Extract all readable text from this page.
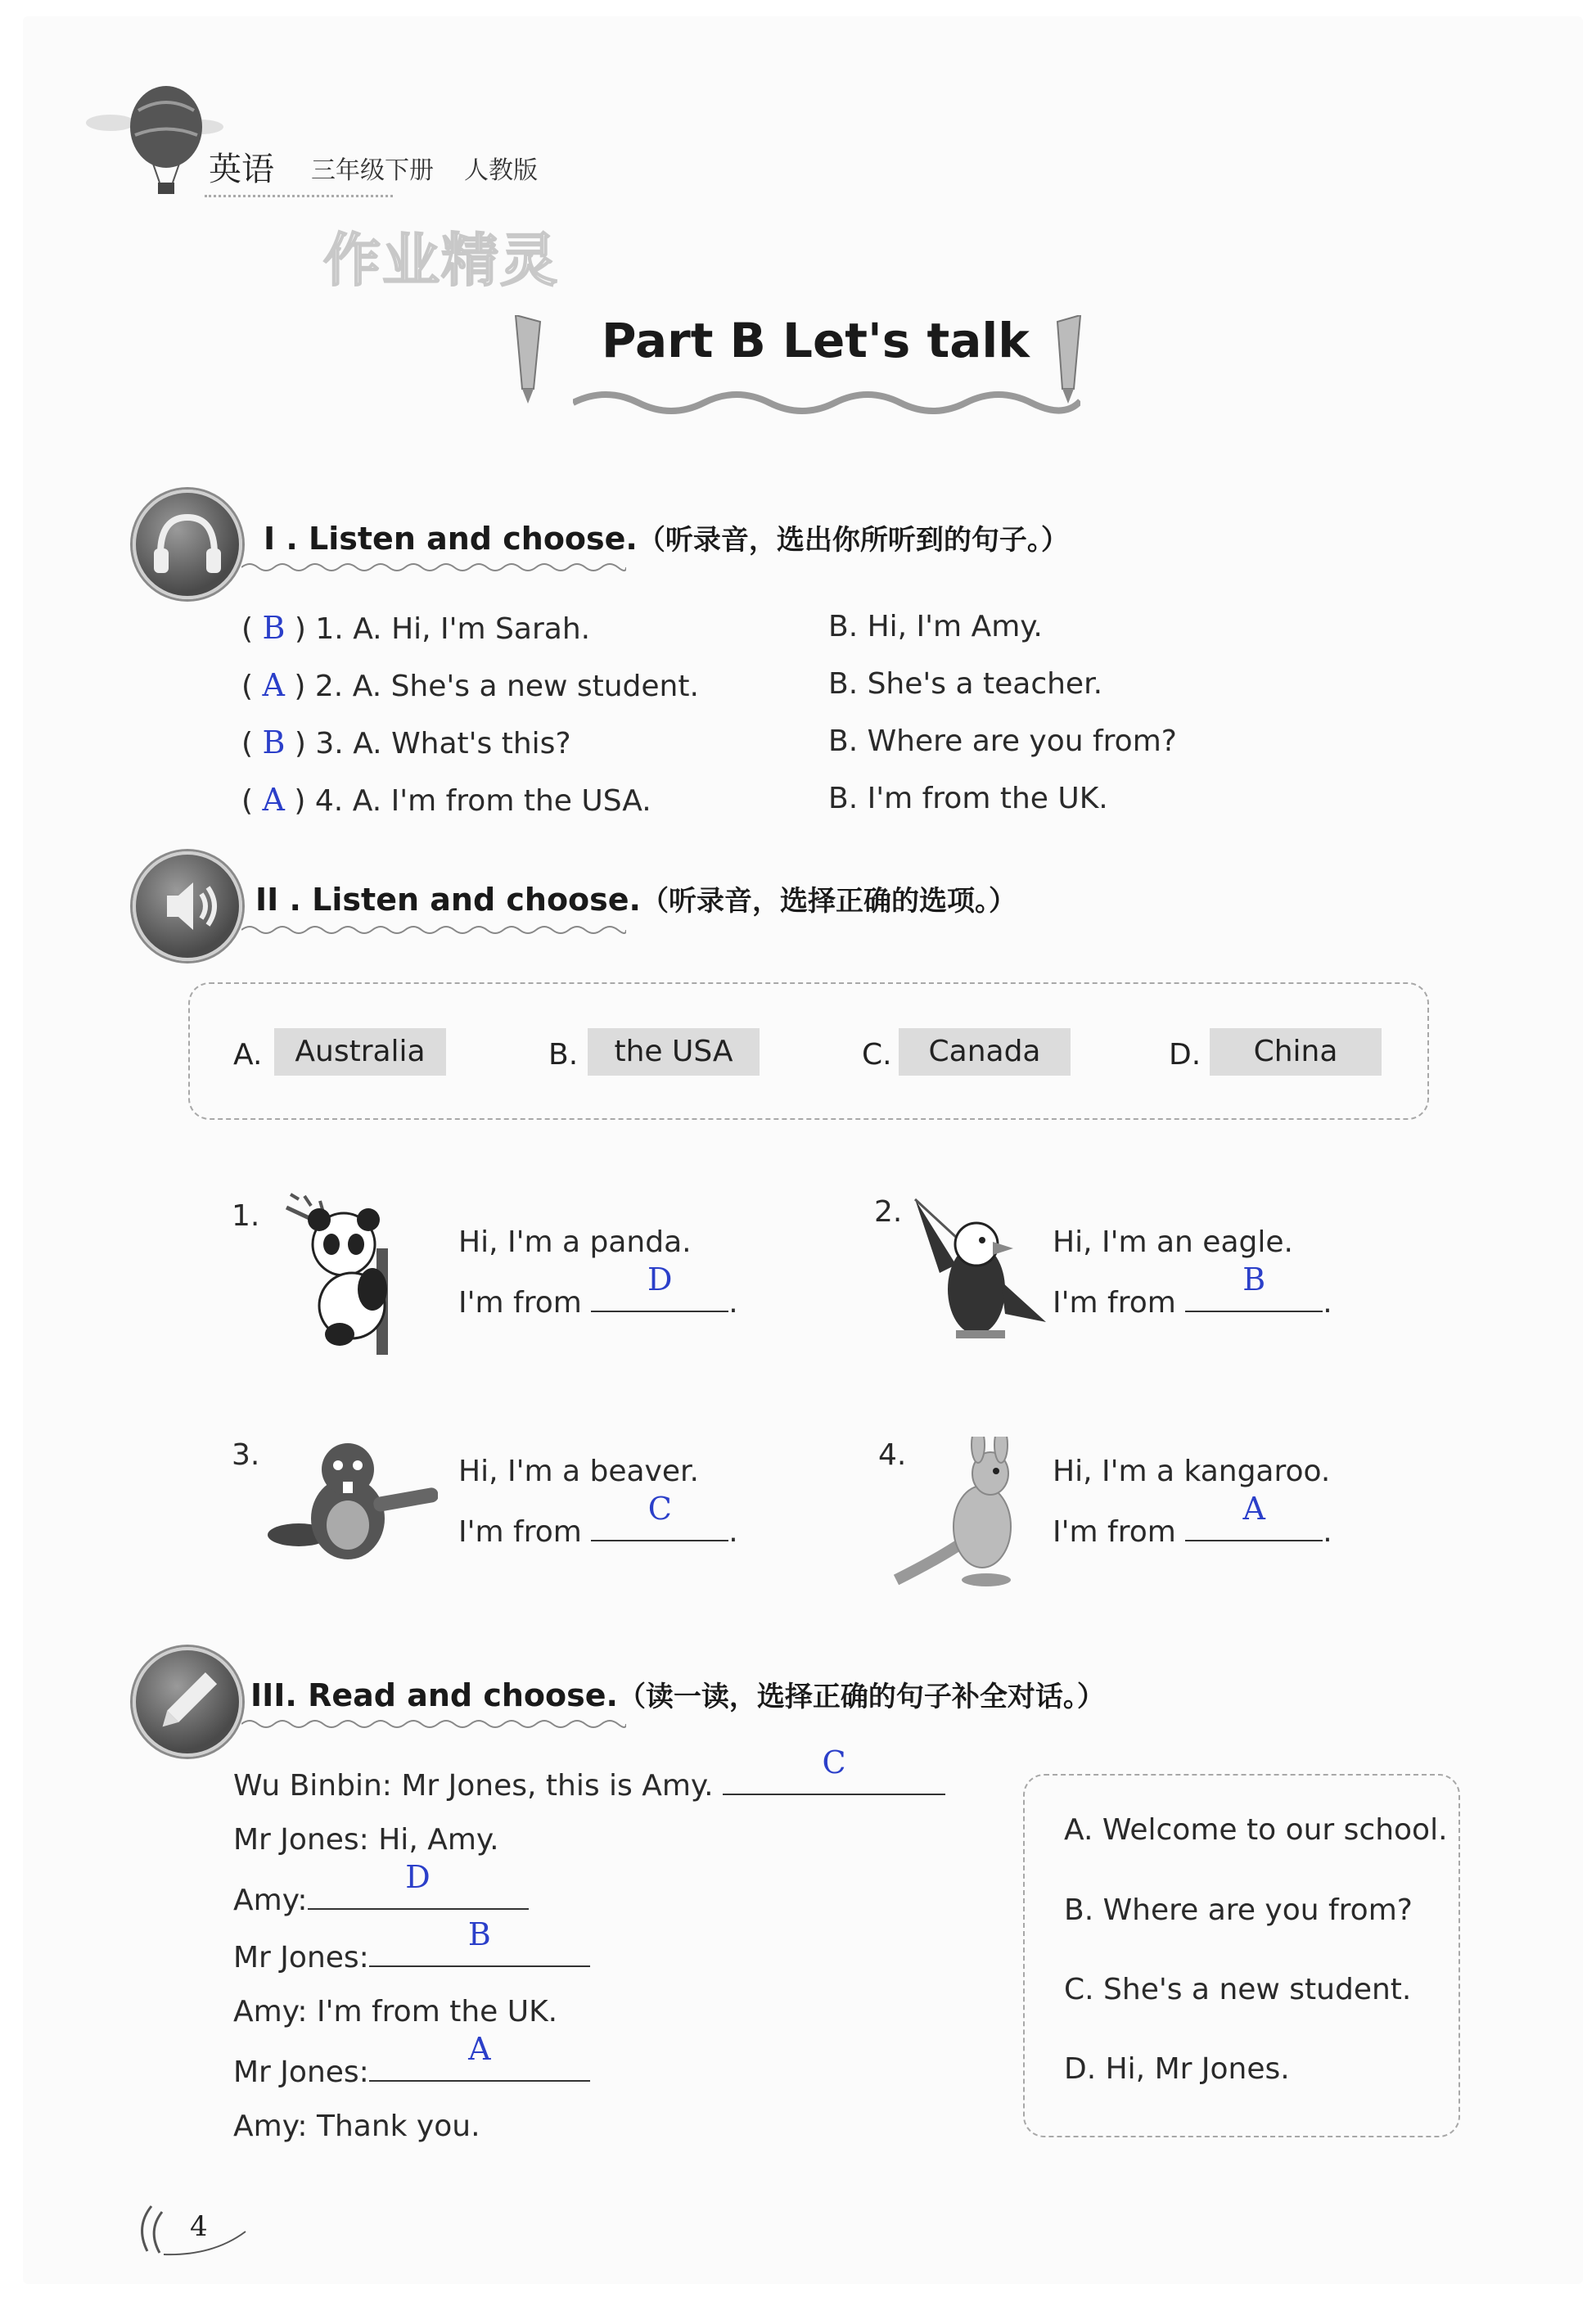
英语 三年级下册 人教版
作业精灵
Part B Let's talk
I . Listen and choose.（听录音，选出你所听到的句子。）
( B ) 1. A. Hi, I'm Sarah.	B. Hi, I'm Amy.
( A ) 2. A. She's a new student.	B. She's a teacher.
( B ) 3. A. What's this?	B. Where are you from?
( A ) 4. A. I'm from the USA.	B. I'm from the UK.
II . Listen and choose.（听录音，选择正确的选项。）
A.	Australia	B.	the USA	C.	Canada	D.	China
1.
Hi, I'm a panda.
I'm from
D
.
2.
Hi, I'm an eagle.
I'm from
B
.
3.	Hi, I'm a beaver.
I'm from
C
.
4.	Hi, I'm a kangaroo.
I'm from
A
.
III. Read and choose.（读一读，选择正确的句子补全对话。）
Wu Binbin: Mr Jones, this is Amy.
C
Mr Jones: Hi, Amy.
Amy:
D
Mr Jones:
B
Amy: I'm from the UK.
Mr Jones:
A
Amy: Thank you.
A. Welcome to our school.
B. Where are you from?
C. She's a new student.
D. Hi, Mr Jones.
4
